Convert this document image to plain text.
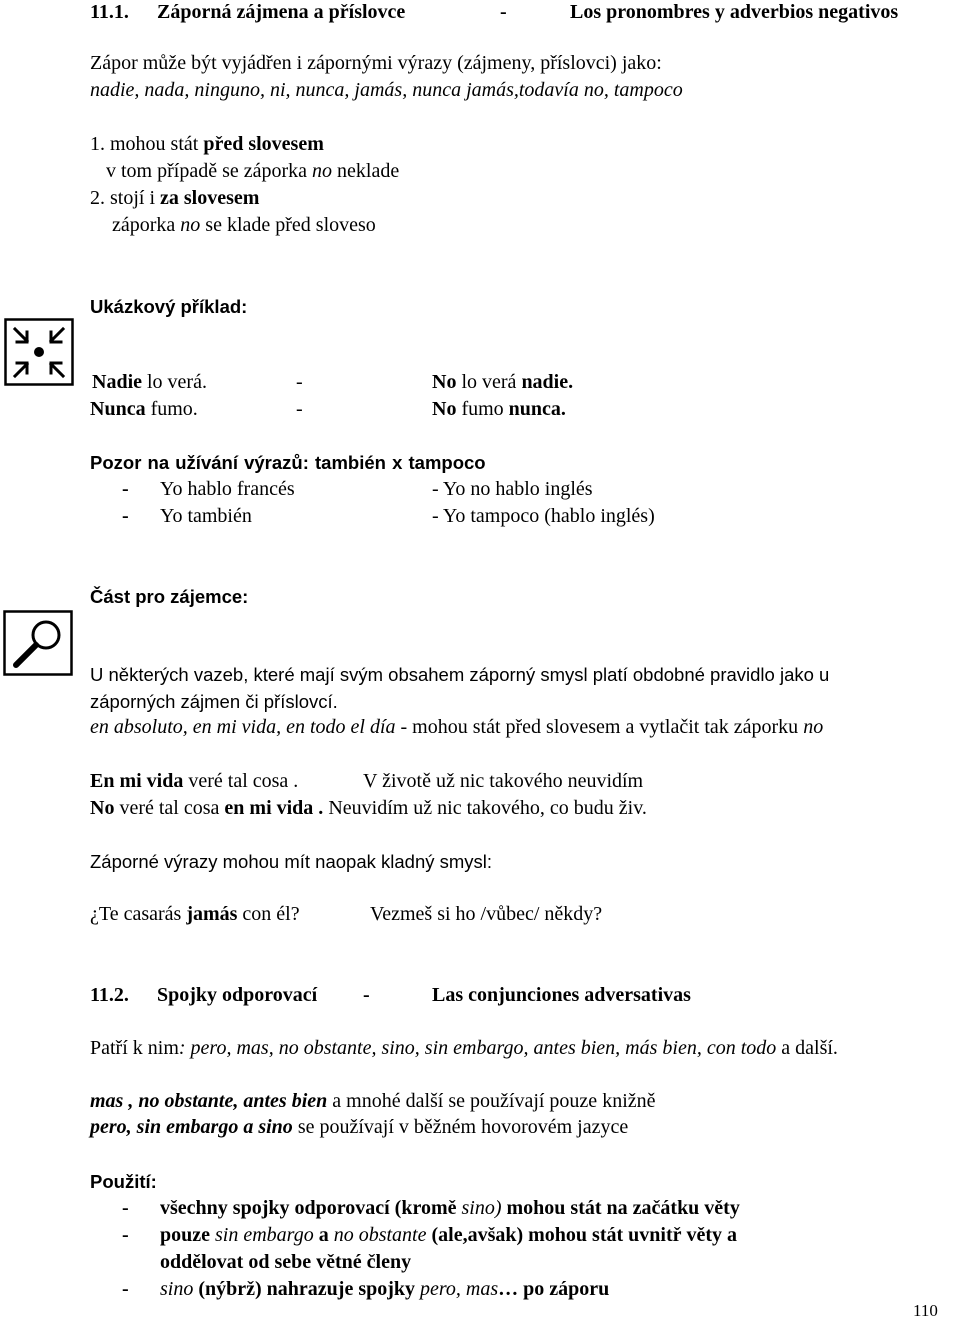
11.1. Záporná zájmena a příslovce	-	Los pronombres y adverbios negativos
Zápor může být vyjádřen i zápornými výrazy (zájmeny, příslovci) jako:
nadie, nada, ninguno, ni, nunca, jamás, nunca jamás,todavía no, tampoco
1. mohou stát před slovesem
v tom případě se záporka no neklade
2. stojí i za slovesem
záporka no se klade před sloveso
Ukázkový příklad:
Nadie lo verá.	-	No lo verá nadie.
Nunca fumo.	-	No fumo nunca.
Pozor na užívání výrazů: también x tampoco
- Yo hablo francés	- Yo no hablo inglés
- Yo también	- Yo tampoco (hablo inglés)
Část pro zájemce:
U některých vazeb, které mají svým obsahem záporný smysl platí obdobné pravidlo jako u
záporných zájmen či příslovcí.
en absoluto, en mi vida, en todo el día - mohou stát před slovesem a vytlačit tak záporku no
En mi vida veré tal cosa .	V životě už nic takového neuvidím
No veré tal cosa en mi vida . Neuvidím už nic takového, co budu živ.
Záporné výrazy mohou mít naopak kladný smysl:
¿Te casarás jamás con él?	Vezmeš si ho /vůbec/ někdy?
11.2. Spojky odporovací -	Las conjunciones adversativas
Patří k nim: pero, mas, no obstante, sino, sin embargo, antes bien, más bien, con todo a další.
mas , no obstante, antes bien a mnohé další se používají pouze knižně
pero, sin embargo a sino se používají v běžném hovorovém jazyce
Použití:
- všechny spojky odporovací (kromě sino) mohou stát na začátku věty
- pouze sin embargo a no obstante (ale,avšak) mohou stát uvnitř věty a
oddělovat od sebe větné členy
- sino (nýbrž) nahrazuje spojky pero, mas… po záporu
110
